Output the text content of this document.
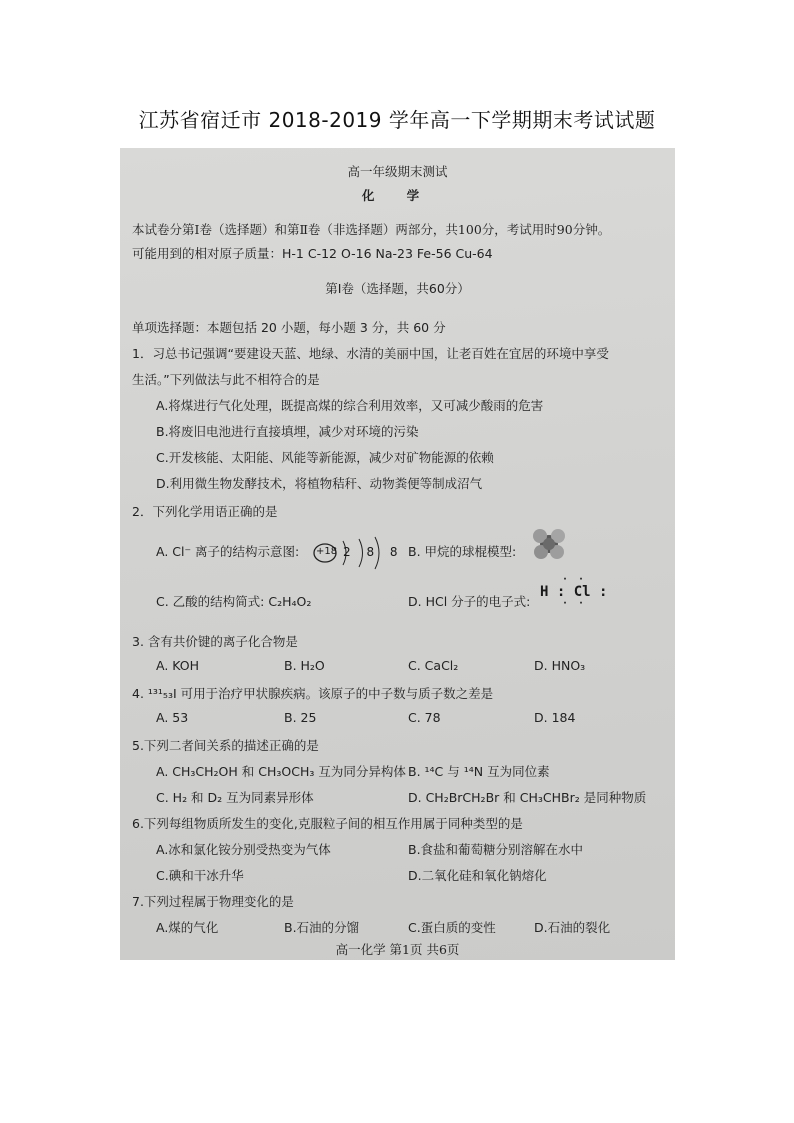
江苏省宿迁市 2018-2019 学年高一下学期期末考试试题
高一年级期末测试
化 学
本试卷分第Ⅰ卷（选择题）和第Ⅱ卷（非选择题）两部分，共100分，考试用时90分钟。
可能用到的相对原子质量：H-1 C-12 O-16 Na-23 Fe-56 Cu-64
第Ⅰ卷（选择题，共60分）
单项选择题：本题包括 20 小题，每小题 3 分，共 60 分
1．习总书记强调“要建设天蓝、地绿、水清的美丽中国，让老百姓在宜居的环境中享受
生活。”下列做法与此不相符合的是
A.将煤进行气化处理，既提高煤的综合利用效率，又可减少酸雨的危害
B.将废旧电池进行直接填埋，减少对环境的污染
C.开发核能、太阳能、风能等新能源，减少对矿物能源的依赖
D.利用微生物发酵技术，将植物秸秆、动物粪便等制成沼气
2．下列化学用语正确的是
A. Cl⁻ 离子的结构示意图: +18 2 8 8 B. 甲烷的球棍模型:
C. 乙酸的结构简式: C₂H₄O₂	D. HCl 分子的电子式:
· ·
H : Cl :
· ·
3. 含有共价键的离子化合物是
A. KOH	B. H₂O	C. CaCl₂	D. HNO₃
4. ¹³¹₅₃I 可用于治疗甲状腺疾病。该原子的中子数与质子数之差是
A. 53	B. 25	C. 78	D. 184
5.下列二者间关系的描述正确的是
A. CH₃CH₂OH 和 CH₃OCH₃ 互为同分异构体 B. ¹⁴C 与 ¹⁴N 互为同位素
C. H₂ 和 D₂ 互为同素异形体	D. CH₂BrCH₂Br 和 CH₃CHBr₂ 是同种物质
6.下列每组物质所发生的变化,克服粒子间的相互作用属于同种类型的是
A.冰和氯化铵分别受热变为气体	B.食盐和葡萄糖分别溶解在水中
C.碘和干冰升华	D.二氧化硅和氧化钠熔化
7.下列过程属于物理变化的是
A.煤的气化	B.石油的分馏	C.蛋白质的变性	D.石油的裂化
高一化学 第1页 共6页
